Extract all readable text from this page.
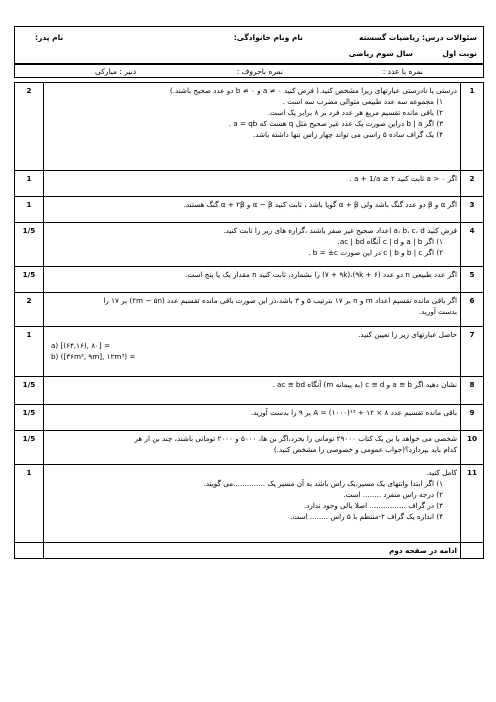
سئوالات درس: ریاضیات گسسته
نام ونام خانوادگی:
نام پدر:
نوبت اول
سال سوم ریاضی
نمره با عدد :
نمره باحروف :
دبیر : مبارکی
1	درستی یا نادرستی عبارتهای زیرا مشخص کنید.( فرض کنید a ≠ ۰ و b ≠ ۰ دو عدد صحیح باشند.)
۱) مجموعه سه عدد طبیعی متوالی مضرب سه است .
۲) باقی مانده تقسیم مربع هر عدد فرد بر ۸ برابر یک است.
۳) اگر b | a دراین صورت یک عدد غیر صحیح مثل q هست که a = qb .
۴) یک گراف ساده ۵ راسی می تواند چهار راس تنها داشته باشد.	2
2	اگر a > ۰ ثابت کنید a + 1/a ≥ ۲ .	1
3	اگر α و β دو عدد گنگ باشد ولی α + β گویا باشد ، ثابت کنید α − β و α + ۲β گنگ هستند.	1
4	فرض کنید a، b، c، d اعداد صحیح غیر صفر باشند ،گزاره های زیر را ثابت کنید.
۱) اگر a | b و c | d آنگاه ac | bd.
۲) اگر b | c و c | b در این صورت b = ±c .	1/5
5	اگر عدد طبیعی n دو عدد (۶ + ۹k)،(۷ + ۹k) را بشمارد، ثابت کنید n مقدار یک یا پنج است.	1/5
6	اگر باقی مانده تقسیم اعداد m و n بر ۱۷ بترتیب ۵ و ۳ باشد،در این صورت باقی مانده تقسیم عدد (۲m − ۵n) بر ۱۷ را
بدست آورید.	2
7	حاصل عبارتهای زیر را تعیین کنید.
a) [(۶۴,۱۶), ۸۰] =
b) ([۳۶m², ۹m], ۱۲m³) =	1
8	نشان دهید اگر a ≡ b و c ≡ d (به پیمانه m) آنگاه ac ≡ bd .	1/5
9	باقی مانده تقسیم عدد A = (۱۰۰۰)¹³ + ۱۲ × ۸ بر ۹ را بدست آورید.	1/5
10	شخصی می خواهد با بن یک کتاب ۲۹۰۰۰ تومانی را بخرد،اگر بن ها، ۵۰۰۰ و ۲۰۰۰ تومانی باشند، چند بن از هر
کدام باید بپردازد؟(جواب عمومی و خصوصی را مشخص کنید.)	1/5
11	کامل کنید.
۱) اگر ابتدا وانتهای یک مسیر،یک راس باشد به آن مسیر یک ..............می گویند.
۲) درجه راس منفرد ........ است.
۳) در گراف ................ اصلا یالی وجود ندارد.
۴) اندازه یک گراف ۲-منتظم با ۵ راس ........ است.	1
	ادامه در صفحه دوم	
